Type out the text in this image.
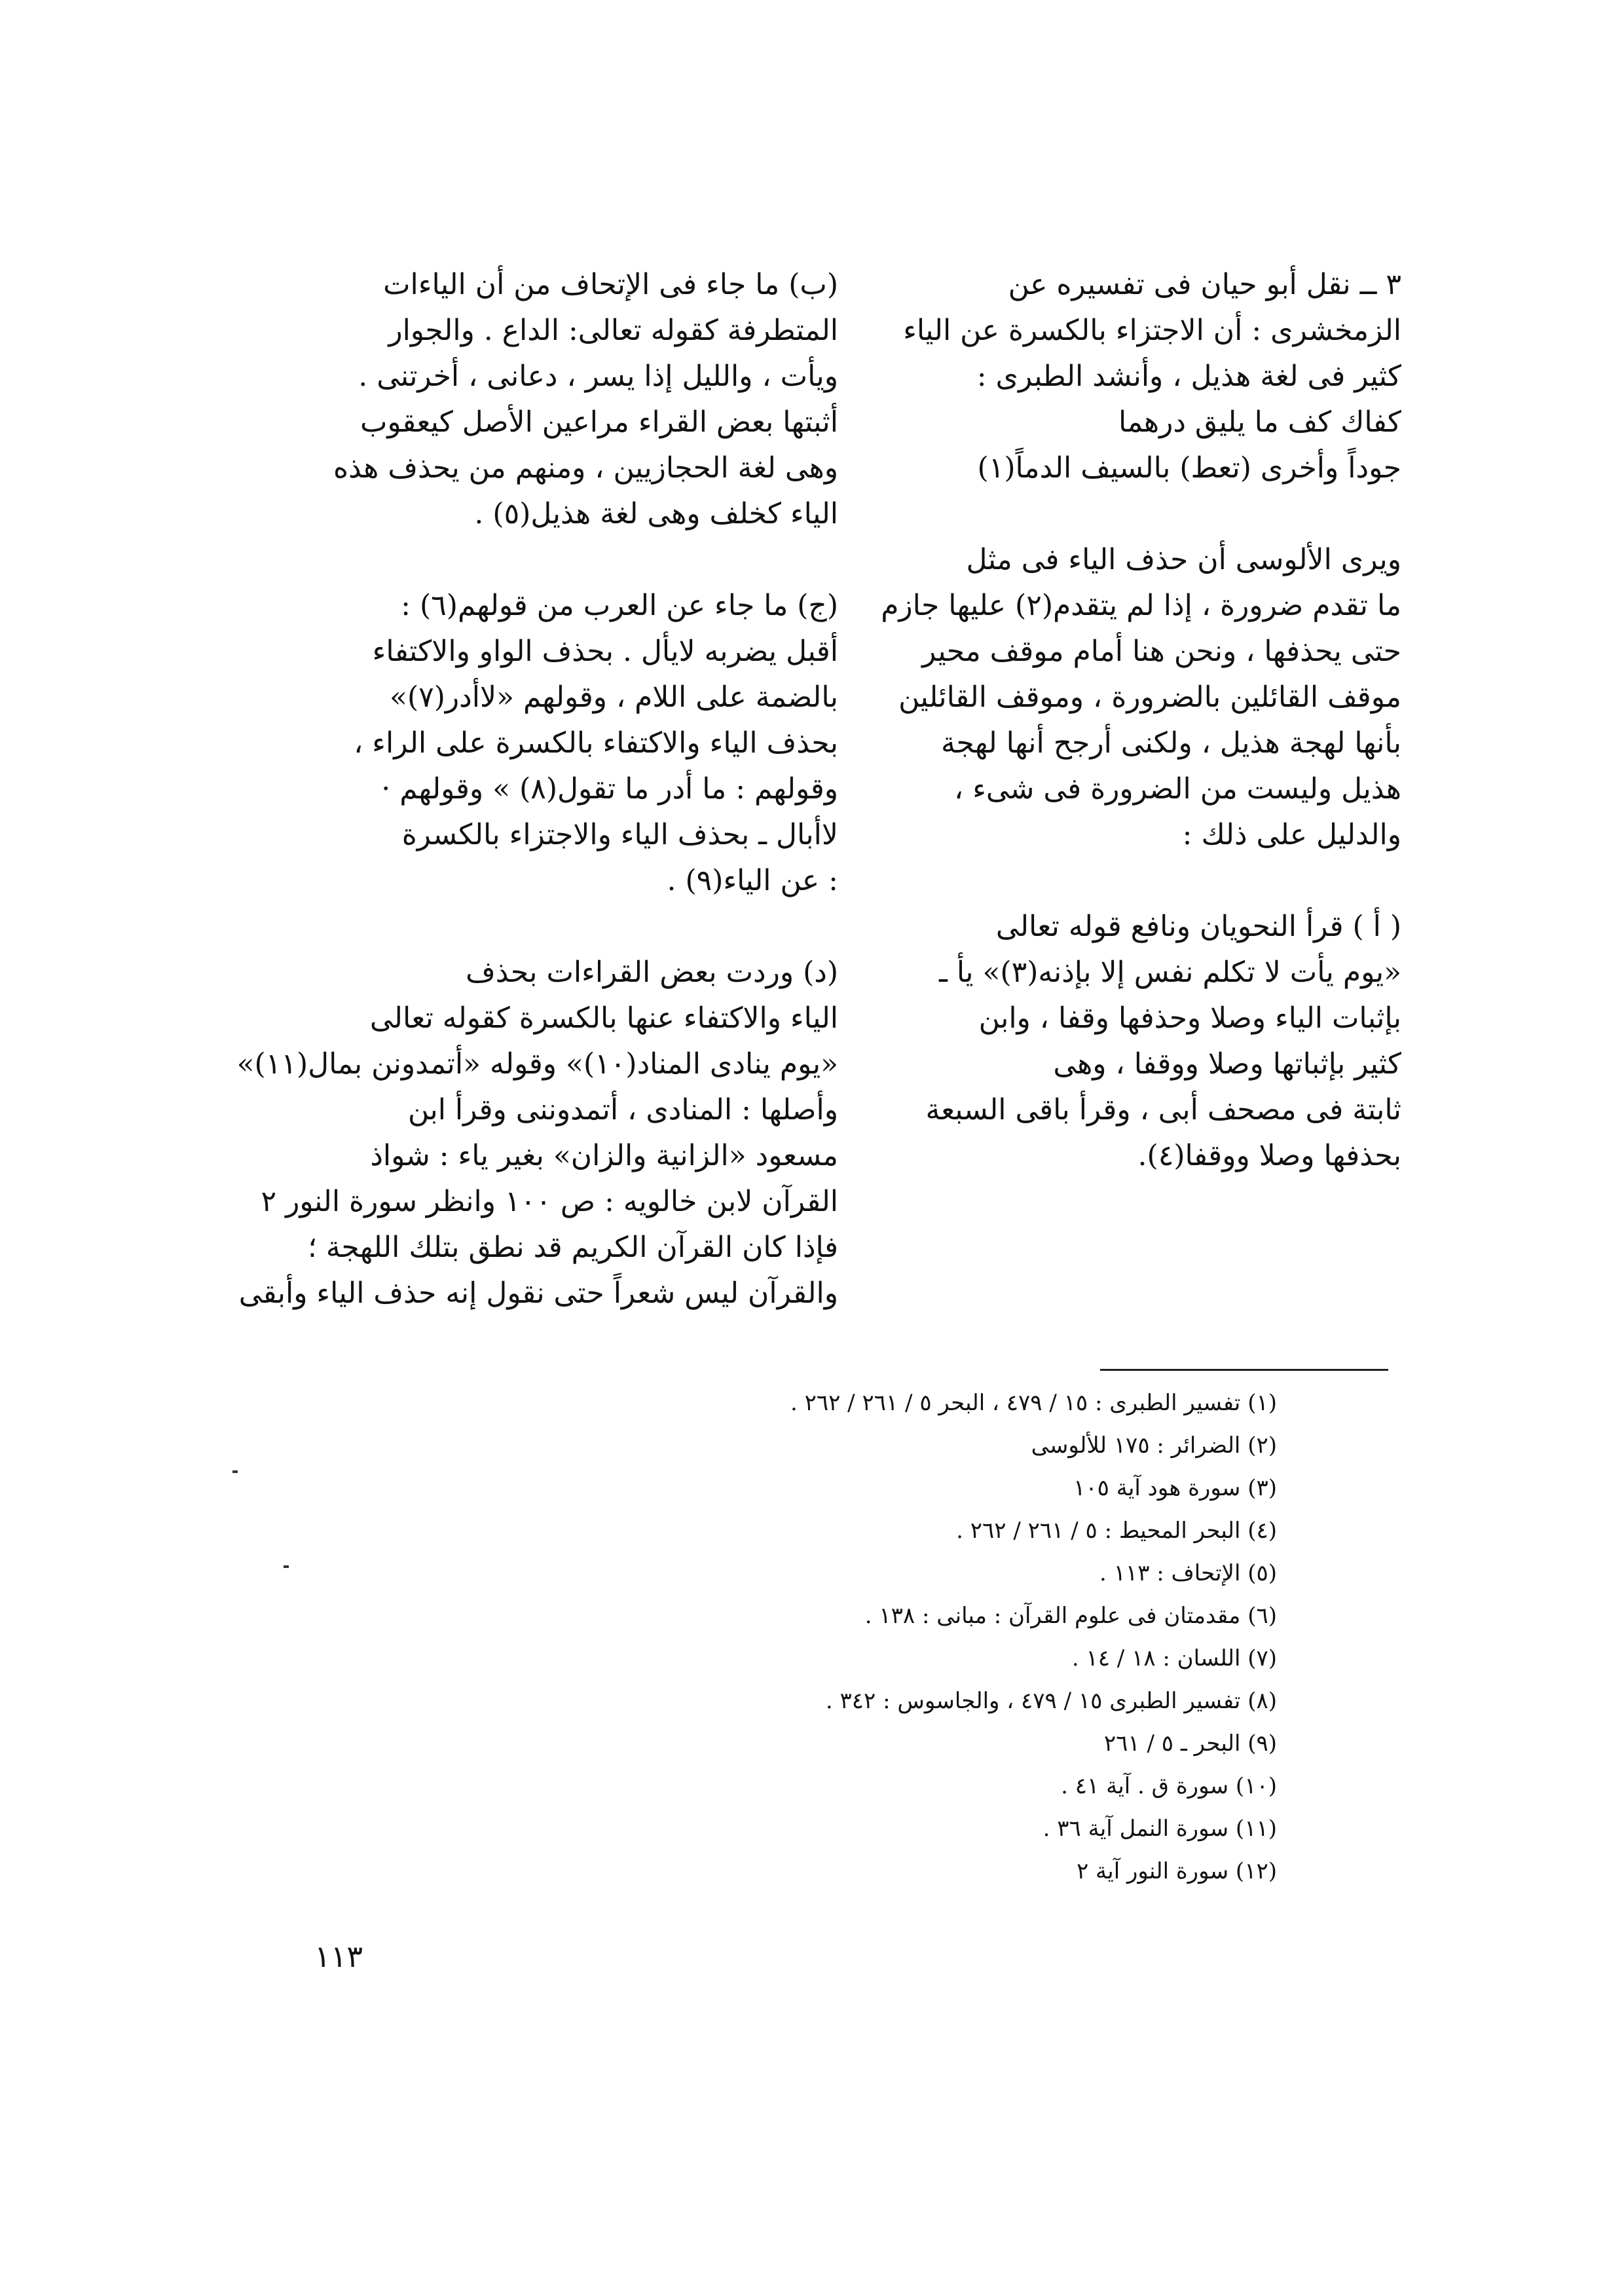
٣ ــ نقل أبو حيان فى تفسيره عن
الزمخشرى : أن الاجتزاء بالكسرة عن الياء
كثير فى لغة هذيل ، وأنشد الطبرى :
كفاك كف ما يليق درهما
جوداً وأخرى (تعط) بالسيف الدماً(١)
ويرى الألوسى أن حذف الياء فى مثل
ما تقدم ضرورة ، إذا لم يتقدم(٢) عليها جازم
حتى يحذفها ، ونحن هنا أمام موقف محير
موقف القائلين بالضرورة ، وموقف القائلين
بأنها لهجة هذيل ، ولكنى أرجح أنها لهجة
هذيل وليست من الضرورة فى شىء ،
والدليل على ذلك :
( أ ) قرأ النحويان ونافع قوله تعالى
«يوم يأت لا تكلم نفس إلا بإذنه(٣)» يأ ـ
بإثبات الياء وصلا وحذفها وقفا ، وابن
كثير بإثباتها وصلا ووقفا ، وهى
ثابتة فى مصحف أبى ، وقرأ باقى السبعة
بحذفها وصلا ووقفا(٤).
(ب) ما جاء فى الإتحاف من أن الياءات
المتطرفة كقوله تعالى: الداع . والجوار
ويأت ، والليل إذا يسر ، دعانى ، أخرتنى .
أثبتها بعض القراء مراعين الأصل كيعقوب
وهى لغة الحجازيين ، ومنهم من يحذف هذه
الياء كخلف وهى لغة هذيل(٥) .
(ج) ما جاء عن العرب من قولهم(٦) :
أقبل يضربه لايأل . بحذف الواو والاكتفاء
بالضمة على اللام ، وقولهم «لاأدر(٧)»
بحذف الياء والاكتفاء بالكسرة على الراء ،
وقولهم : ما أدر ما تقول(٨) » وقولهم ·
لاأبال ـ بحذف الياء والاجتزاء بالكسرة
: عن الياء(٩) .
(د) وردت بعض القراءات بحذف
الياء والاكتفاء عنها بالكسرة كقوله تعالى
«يوم ينادى المناد(١٠)» وقوله «أتمدونن بمال(١١)»
وأصلها : المنادى ، أتمدوننى وقرأ ابن
مسعود «الزانية والزان» بغير ياء : شواذ
القرآن لابن خالويه : ص ١٠٠ وانظر سورة النور ٢
فإذا كان القرآن الكريم قد نطق بتلك اللهجة ؛
والقرآن ليس شعراً حتى نقول إنه حذف الياء وأبقى
(١) تفسير الطبرى : ١٥ / ٤٧٩ ، البحر ٥ / ٢٦١ / ٢٦٢ .
(٢) الضرائر : ١٧٥ للألوسى
(٣) سورة هود آية ١٠٥
(٤) البحر المحيط : ٥ / ٢٦١ / ٢٦٢ .
(٥) الإتحاف : ١١٣ .
(٦) مقدمتان فى علوم القرآن : مبانى : ١٣٨ .
(٧) اللسان : ١٨ / ١٤ .
(٨) تفسير الطبرى ١٥ / ٤٧٩ ، والجاسوس : ٣٤٢ .
(٩) البحر ـ ٥ / ٢٦١
(١٠) سورة ق . آية ٤١ .
(١١) سورة النمل آية ٣٦ .
(١٢) سورة النور آية ٢
١١٣
